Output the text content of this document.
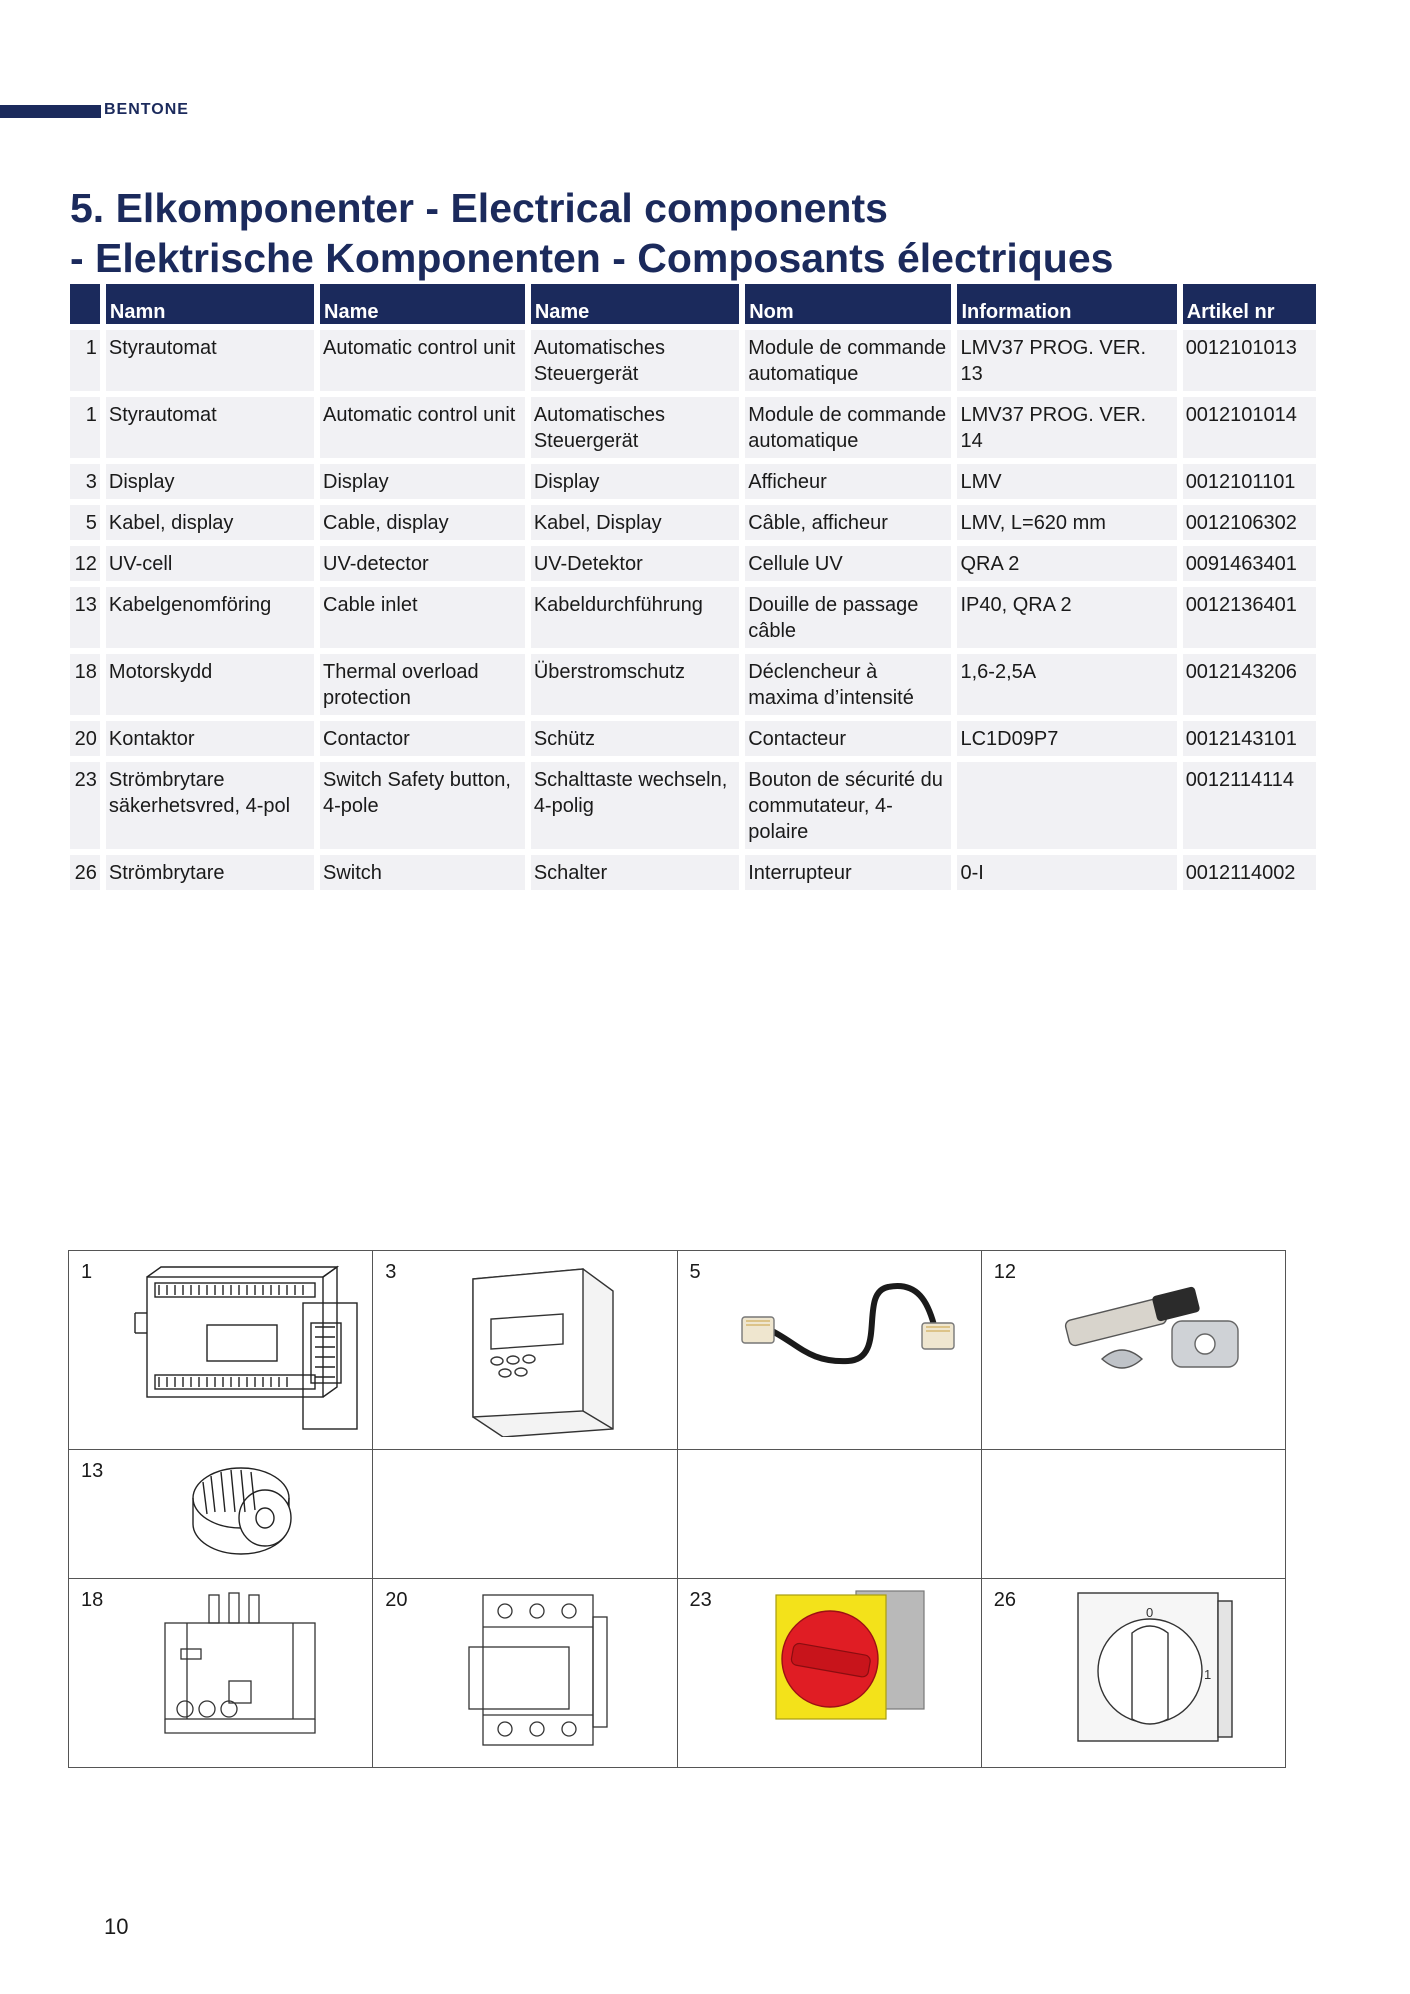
BENTONE
5. Elkomponenter - Electrical components
- Elektrische Komponenten - Composants électriques
	Namn	Name	Name	Nom	Information	Artikel nr
1	Styrautomat	Automatic control unit	Automatisches Steuergerät	Module de commande automatique	LMV37 PROG. VER. 13	0012101013
1	Styrautomat	Automatic control unit	Automatisches Steuergerät	Module de commande automatique	LMV37 PROG. VER. 14	0012101014
3	Display	Display	Display	Afficheur	LMV	0012101101
5	Kabel, display	Cable, display	Kabel, Display	Câble, afficheur	LMV, L=620 mm	0012106302
12	UV-cell	UV-detector	UV-Detektor	Cellule UV	QRA 2	0091463401
13	Kabelgenomföring	Cable inlet	Kabeldurchführung	Douille de passage câble	IP40, QRA 2	0012136401
18	Motorskydd	Thermal overload protection	Überstromschutz	Déclencheur à maxima d’intensité	1,6-2,5A	0012143206
20	Kontaktor	Contactor	Schütz	Contacteur	LC1D09P7	0012143101
23	Strömbrytare säkerhetsvred, 4-pol	Switch Safety button, 4-pole	Schalttaste wechseln, 4-polig	Bouton de sécurité du commutateur, 4-polaire		0012114114
26	Strömbrytare	Switch	Schalter	Interrupteur	0-I	0012114002
1	3	5	12

13			

18	20	23	26
0
1
10
